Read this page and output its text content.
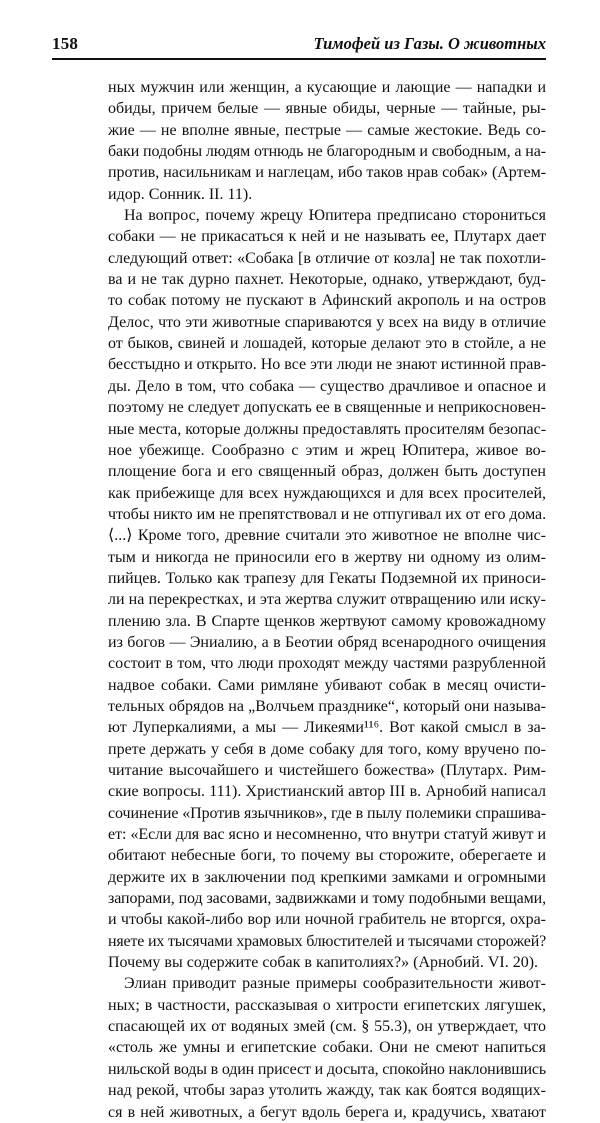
158	Тимофей из Газы. О животных
ных мужчин или женщин, а кусающие и лающие — нападки и
обиды, причем белые — явные обиды, черные — тайные, ры-
жие — не вполне явные, пестрые — самые жестокие. Ведь со-
баки подобны людям отнюдь не благородным и свободным, а на-
против, насильникам и наглецам, ибо таков нрав собак» (Артем-
идор. Сонник. II. 11).
На вопрос, почему жрецу Юпитера предписано сторониться
собаки — не прикасаться к ней и не называть ее, Плутарх дает
следующий ответ: «Собака [в отличие от козла] не так похотли-
ва и не так дурно пахнет. Некоторые, однако, утверждают, буд-
то собак потому не пускают в Афинский акрополь и на остров
Делос, что эти животные спариваются у всех на виду в отличие
от быков, свиней и лошадей, которые делают это в стойле, а не
бесстыдно и открыто. Но все эти люди не знают истинной прав-
ды. Дело в том, что собака — существо драчливое и опасное и
поэтому не следует допускать ее в священные и неприкосновен-
ные места, которые должны предоставлять просителям безопас-
ное убежище. Сообразно с этим и жрец Юпитера, живое во-
площение бога и его священный образ, должен быть доступен
как прибежище для всех нуждающихся и для всех просителей,
чтобы никто им не препятствовал и не отпугивал их от его дома.
⟨...⟩ Кроме того, древние считали это животное не вполне чис-
тым и никогда не приносили его в жертву ни одному из олим-
пийцев. Только как трапезу для Гекаты Подземной их приноси-
ли на перекрестках, и эта жертва служит отвращению или иску-
плению зла. В Спарте щенков жертвуют самому кровожадному
из богов — Эниалию, а в Беотии обряд всенародного очищения
состоит в том, что люди проходят между частями разрубленной
надвое собаки. Сами римляне убивают собак в месяц очисти-
тельных обрядов на „Волчьем празднике“, который они называ-
ют Луперкалиями, а мы — Ликеями¹¹⁶. Вот какой смысл в за-
прете держать у себя в доме собаку для того, кому вручено по-
читание высочайшего и чистейшего божества» (Плутарх. Рим-
ские вопросы. 111). Христианский автор III в. Арнобий написал
сочинение «Против язычников», где в пылу полемики спрашива-
ет: «Если для вас ясно и несомненно, что внутри статуй живут и
обитают небесные боги, то почему вы сторожите, оберегаете и
держите их в заключении под крепкими замками и огромными
запорами, под засовами, задвижками и тому подобными вещами,
и чтобы какой-либо вор или ночной грабитель не вторгся, охра-
няете их тысячами храмовых блюстителей и тысячами сторожей?
Почему вы содержите собак в капитолиях?» (Арнобий. VI. 20).
Элиан приводит разные примеры сообразительности живот-
ных; в частности, рассказывая о хитрости египетских лягушек,
спасающей их от водяных змей (см. § 55.3), он утверждает, что
«столь же умны и египетские собаки. Они не смеют напиться
нильской воды в один присест и досыта, спокойно наклонившись
над рекой, чтобы зараз утолить жажду, так как боятся водящих-
ся в ней животных, а бегут вдоль берега и, крадучись, хватают
